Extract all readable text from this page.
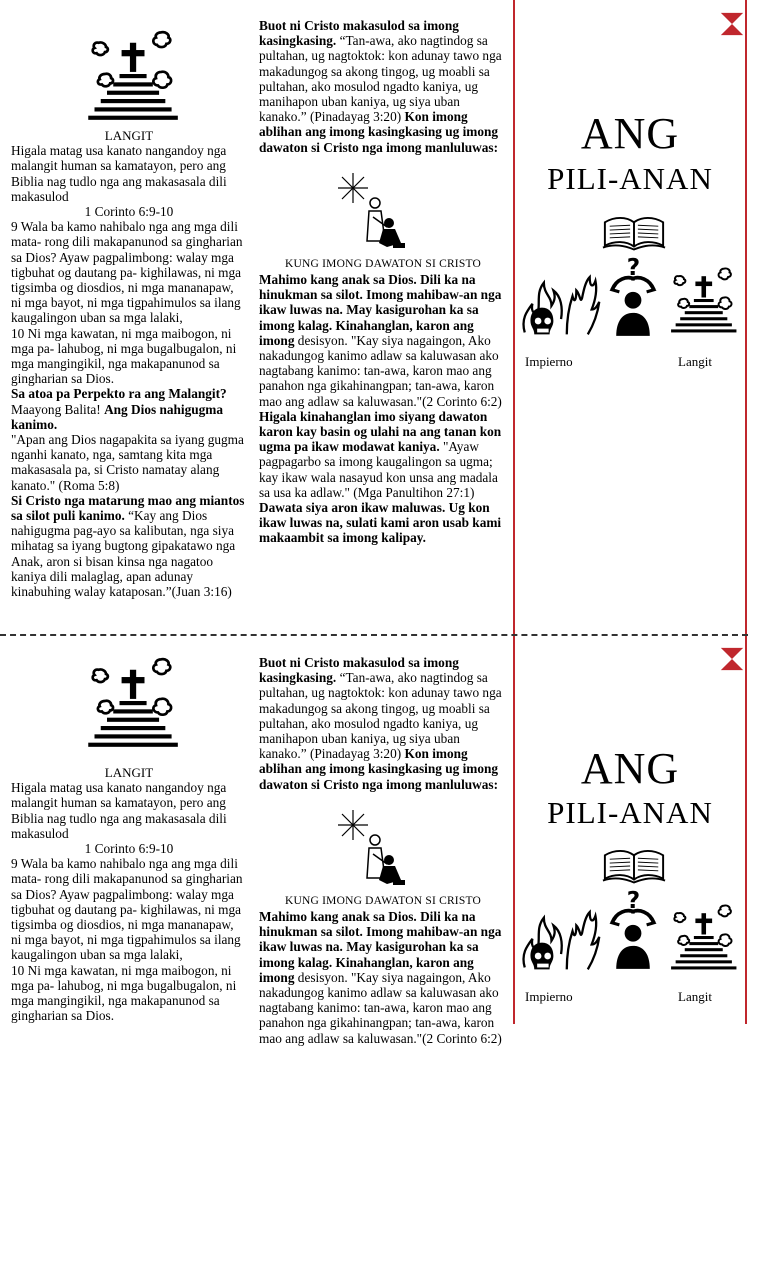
LANGIT
Higala matag usa kanato nangandoy nga malangit human sa kamatayon, pero ang Biblia nag tudlo nga ang makasasala dili makasulod
1 Corinto 6:9-10
9 Wala ba kamo nahibalo nga ang mga dili mata- rong dili makapanunod sa gingharian sa Dios? Ayaw pagpalimbong: walay mga tigbuhat og dautang pa- kighilawas, ni mga tigsimba og diosdios, ni mga mananapaw, ni mga bayot, ni mga tigpahimulos sa ilang kaugalingon uban sa mga lalaki,
10 Ni mga kawatan, ni mga maibogon, ni mga pa- lahubog, ni mga bugalbugalon, ni mga mangingikil, nga makapanunod sa gingharian sa Dios.
Sa atoa pa Perpekto ra ang Malangit? Maayong Balita! Ang Dios nahigugma kanimo.
"Apan ang Dios nagapakita sa iyang gugma nganhi kanato, nga, samtang kita mga makasasala pa, si Cristo namatay alang kanato." (Roma 5:8)
Si Cristo nga matarung mao ang miantos sa silot puli kanimo. “Kay ang Dios nahigugma pag-ayo sa kalibutan, nga siya mihatag sa iyang bugtong gipakatawo nga Anak, aron si bisan kinsa nga nagatoo kaniya dili malaglag, apan adunay kinabuhing walay kataposan.”(Juan 3:16)
Buot ni Cristo makasulod sa imong kasingkasing. “Tan-awa, ako nagtindog sa pultahan, ug nagtoktok: kon adunay tawo nga makadungog sa akong tingog, ug moabli sa pultahan, ako mosulod ngadto kaniya, ug manihapon uban kaniya, ug siya uban kanako.” (Pinadayag 3:20) Kon imong ablihan ang imong kasingkasing ug imong dawaton si Cristo nga imong manluluwas:
KUNG IMONG DAWATON SI CRISTO
Mahimo kang anak sa Dios. Dili ka na hinukman sa silot. Imong mahibaw-an nga ikaw luwas na. May kasigurohan ka sa imong kalag. Kinahanglan, karon ang imong desisyon. "Kay siya nagaingon, Ako nakadungog kanimo adlaw sa kaluwasan ako nagtabang kanimo: tan-awa, karon mao ang panahon nga gikahinangpan; tan-awa, karon mao ang adlaw sa kaluwasan."(2 Corinto 6:2)
Higala kinahanglan imo siyang dawaton karon kay basin og ulahi na ang tanan kon ugma pa ikaw modawat kaniya. "Ayaw pagpagarbo sa imong kaugalingon sa ugma; kay ikaw wala nasayud kon unsa ang madala sa usa ka adlaw." (Mga Panultihon 27:1) Dawata siya aron ikaw maluwas. Ug kon ikaw luwas na, sulati kami aron usab kami makaambit sa imong kalipay.
ANG
PILI-ANAN
Impierno	Langit
LANGIT
Higala matag usa kanato nangandoy nga malangit human sa kamatayon, pero ang Biblia nag tudlo nga ang makasasala dili makasulod
1 Corinto 6:9-10
9 Wala ba kamo nahibalo nga ang mga dili mata- rong dili makapanunod sa gingharian sa Dios? Ayaw pagpalimbong: walay mga tigbuhat og dautang pa- kighilawas, ni mga tigsimba og diosdios, ni mga mananapaw, ni mga bayot, ni mga tigpahimulos sa ilang kaugalingon uban sa mga lalaki,
10 Ni mga kawatan, ni mga maibogon, ni mga pa- lahubog, ni mga bugalbugalon, ni mga mangingikil, nga makapanunod sa gingharian sa Dios.
Buot ni Cristo makasulod sa imong kasingkasing. “Tan-awa, ako nagtindog sa pultahan, ug nagtoktok: kon adunay tawo nga makadungog sa akong tingog, ug moabli sa pultahan, ako mosulod ngadto kaniya, ug manihapon uban kaniya, ug siya uban kanako.” (Pinadayag 3:20) Kon imong ablihan ang imong kasingkasing ug imong dawaton si Cristo nga imong manluluwas:
KUNG IMONG DAWATON SI CRISTO
Mahimo kang anak sa Dios. Dili ka na hinukman sa silot. Imong mahibaw-an nga ikaw luwas na. May kasigurohan ka sa imong kalag. Kinahanglan, karon ang imong desisyon. "Kay siya nagaingon, Ako nakadungog kanimo adlaw sa kaluwasan ako nagtabang kanimo: tan-awa, karon mao ang panahon nga gikahinangpan; tan-awa, karon mao ang adlaw sa kaluwasan."(2 Corinto 6:2)
ANG
PILI-ANAN
Impierno	Langit
